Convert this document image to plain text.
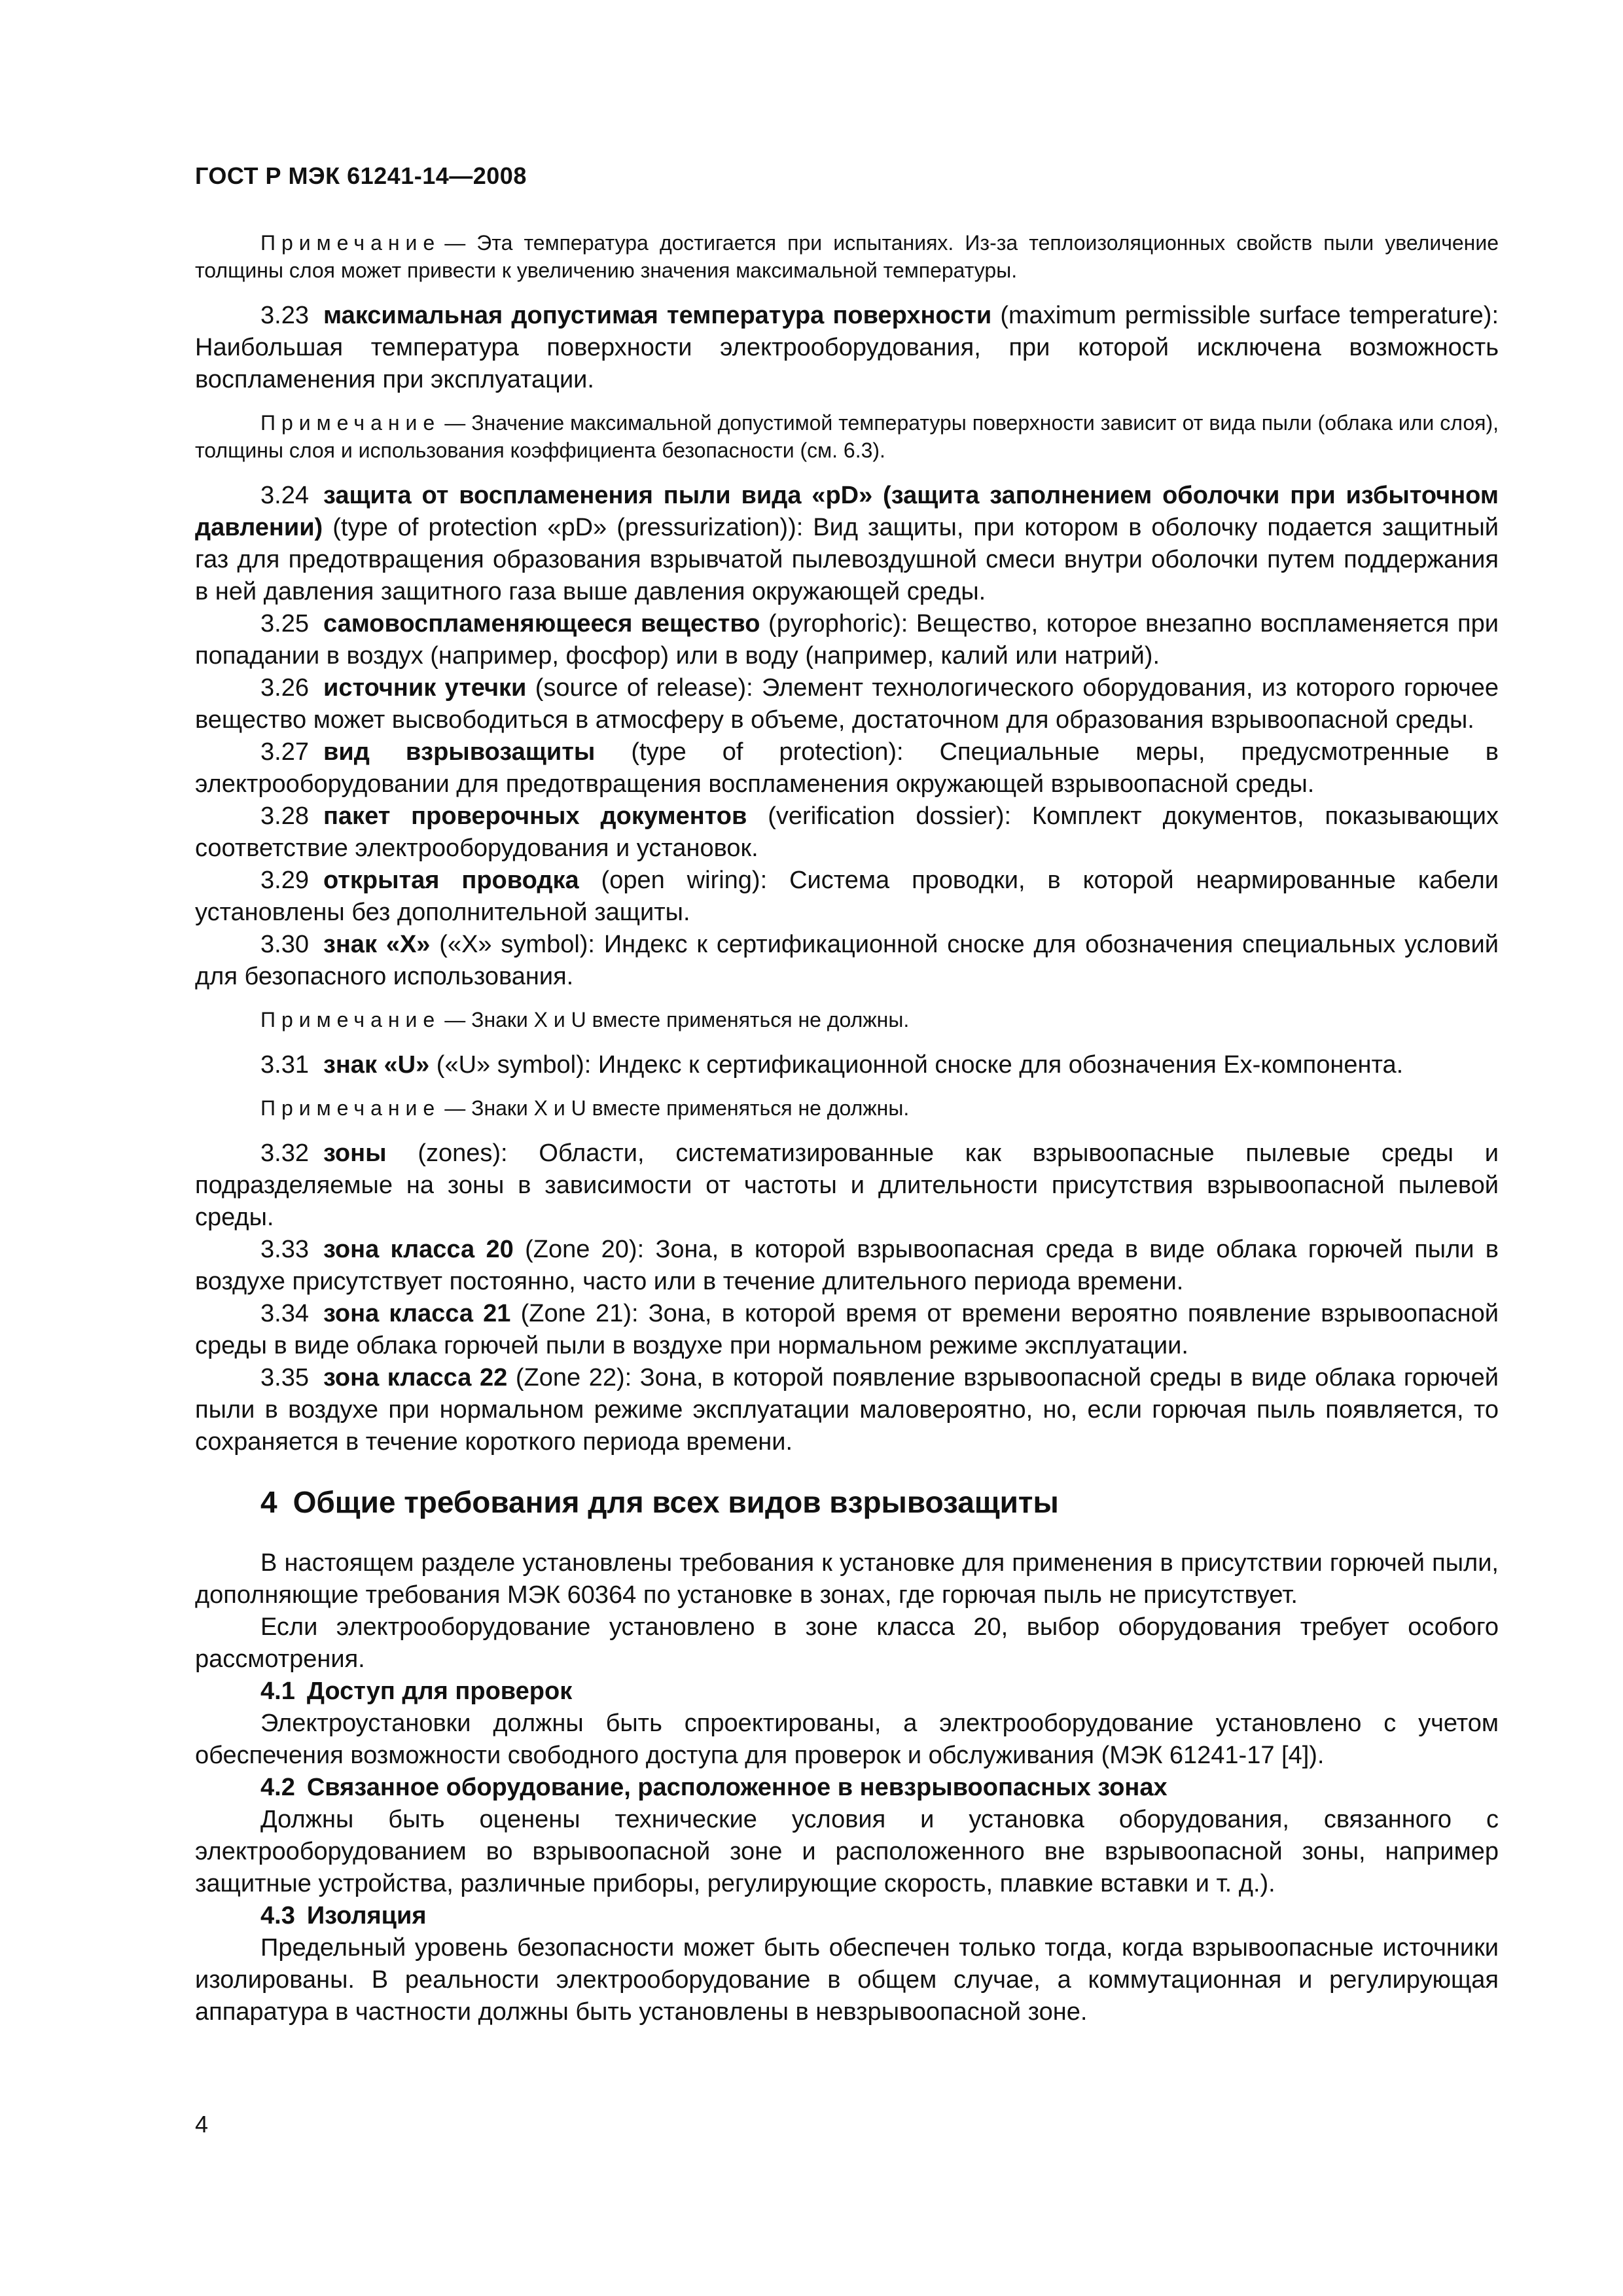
ГОСТ Р МЭК 61241-14—2008

Примечание — Эта температура достигается при испытаниях. Из-за теплоизоляционных свойств пыли увеличение толщины слоя может привести к увеличению значения максимальной температуры.

3.23 максимальная допустимая температура поверхности (maximum permissible surface temperature): Наибольшая температура поверхности электрооборудования, при которой исключена возможность воспламенения при эксплуатации.

Примечание — Значение максимальной допустимой температуры поверхности зависит от вида пыли (облака или слоя), толщины слоя и использования коэффициента безопасности (см. 6.3).

3.24 защита от воспламенения пыли вида «pD» (защита заполнением оболочки при избыточном давлении) (type of protection «pD» (pressurization)): Вид защиты, при котором в оболочку подается защитный газ для предотвращения образования взрывчатой пылевоздушной смеси внутри оболочки путем поддержания в ней давления защитного газа выше давления окружающей среды.

3.25 самовоспламеняющееся вещество (pyrophoric): Вещество, которое внезапно воспламеняется при попадании в воздух (например, фосфор) или в воду (например, калий или натрий).

3.26 источник утечки (source of release): Элемент технологического оборудования, из которого горючее вещество может высвободиться в атмосферу в объеме, достаточном для образования взрывоопасной среды.

3.27 вид взрывозащиты (type of protection): Специальные меры, предусмотренные в электрооборудовании для предотвращения воспламенения окружающей взрывоопасной среды.

3.28 пакет проверочных документов (verification dossier): Комплект документов, показывающих соответствие электрооборудования и установок.

3.29 открытая проводка (open wiring): Система проводки, в которой неармированные кабели установлены без дополнительной защиты.

3.30 знак «X» («X» symbol): Индекс к сертификационной сноске для обозначения специальных условий для безопасного использования.

Примечание — Знаки X и U вместе применяться не должны.

3.31 знак «U» («U» symbol): Индекс к сертификационной сноске для обозначения Ex-компонента.

Примечание — Знаки X и U вместе применяться не должны.

3.32 зоны (zones): Области, систематизированные как взрывоопасные пылевые среды и подразделяемые на зоны в зависимости от частоты и длительности присутствия взрывоопасной пылевой среды.

3.33 зона класса 20 (Zone 20): Зона, в которой взрывоопасная среда в виде облака горючей пыли в воздухе присутствует постоянно, часто или в течение длительного периода времени.

3.34 зона класса 21 (Zone 21): Зона, в которой время от времени вероятно появление взрывоопасной среды в виде облака горючей пыли в воздухе при нормальном режиме эксплуатации.

3.35 зона класса 22 (Zone 22): Зона, в которой появление взрывоопасной среды в виде облака горючей пыли в воздухе при нормальном режиме эксплуатации маловероятно, но, если горючая пыль появляется, то сохраняется в течение короткого периода времени.

4 Общие требования для всех видов взрывозащиты

В настоящем разделе установлены требования к установке для применения в присутствии горючей пыли, дополняющие требования МЭК 60364 по установке в зонах, где горючая пыль не присутствует.

Если электрооборудование установлено в зоне класса 20, выбор оборудования требует особого рассмотрения.

4.1 Доступ для проверок

Электроустановки должны быть спроектированы, а электрооборудование установлено с учетом обеспечения возможности свободного доступа для проверок и обслуживания (МЭК 61241-17 [4]).

4.2 Связанное оборудование, расположенное в невзрывоопасных зонах

Должны быть оценены технические условия и установка оборудования, связанного с электрооборудованием во взрывоопасной зоне и расположенного вне взрывоопасной зоны, например защитные устройства, различные приборы, регулирующие скорость, плавкие вставки и т. д.).

4.3 Изоляция

Предельный уровень безопасности может быть обеспечен только тогда, когда взрывоопасные источники изолированы. В реальности электрооборудование в общем случае, а коммутационная и регулирующая аппаратура в частности должны быть установлены в невзрывоопасной зоне.

4
